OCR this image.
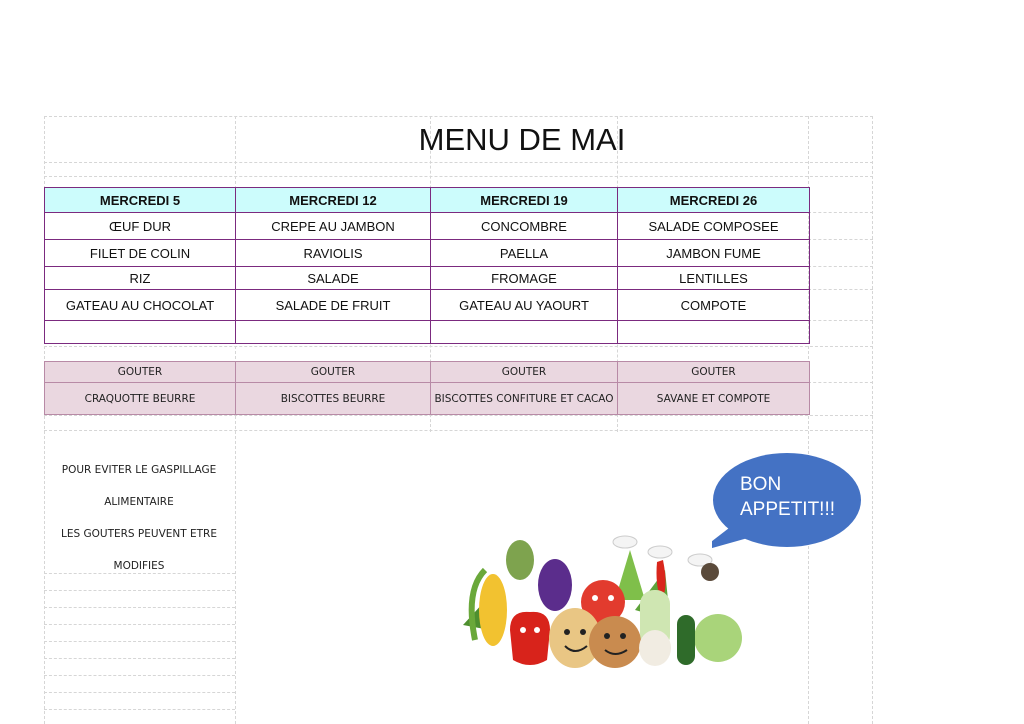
MENU DE MAI
MERCREDI 5	MERCREDI 12	MERCREDI 19	MERCREDI 26
ŒUF DUR	CREPE AU JAMBON	CONCOMBRE	SALADE COMPOSEE
FILET DE COLIN	RAVIOLIS	PAELLA	JAMBON FUME
RIZ	SALADE	FROMAGE	LENTILLES
GATEAU AU CHOCOLAT	SALADE DE FRUIT	GATEAU AU YAOURT	COMPOTE

GOUTER	GOUTER	GOUTER	GOUTER
CRAQUOTTE BEURRE	BISCOTTES BEURRE	BISCOTTES CONFITURE ET CACAO	SAVANE ET COMPOTE
POUR EVITER LE GASPILLAGE
ALIMENTAIRE
LES GOUTERS PEUVENT ETRE
MODIFIES
BON
APPETIT!!!
